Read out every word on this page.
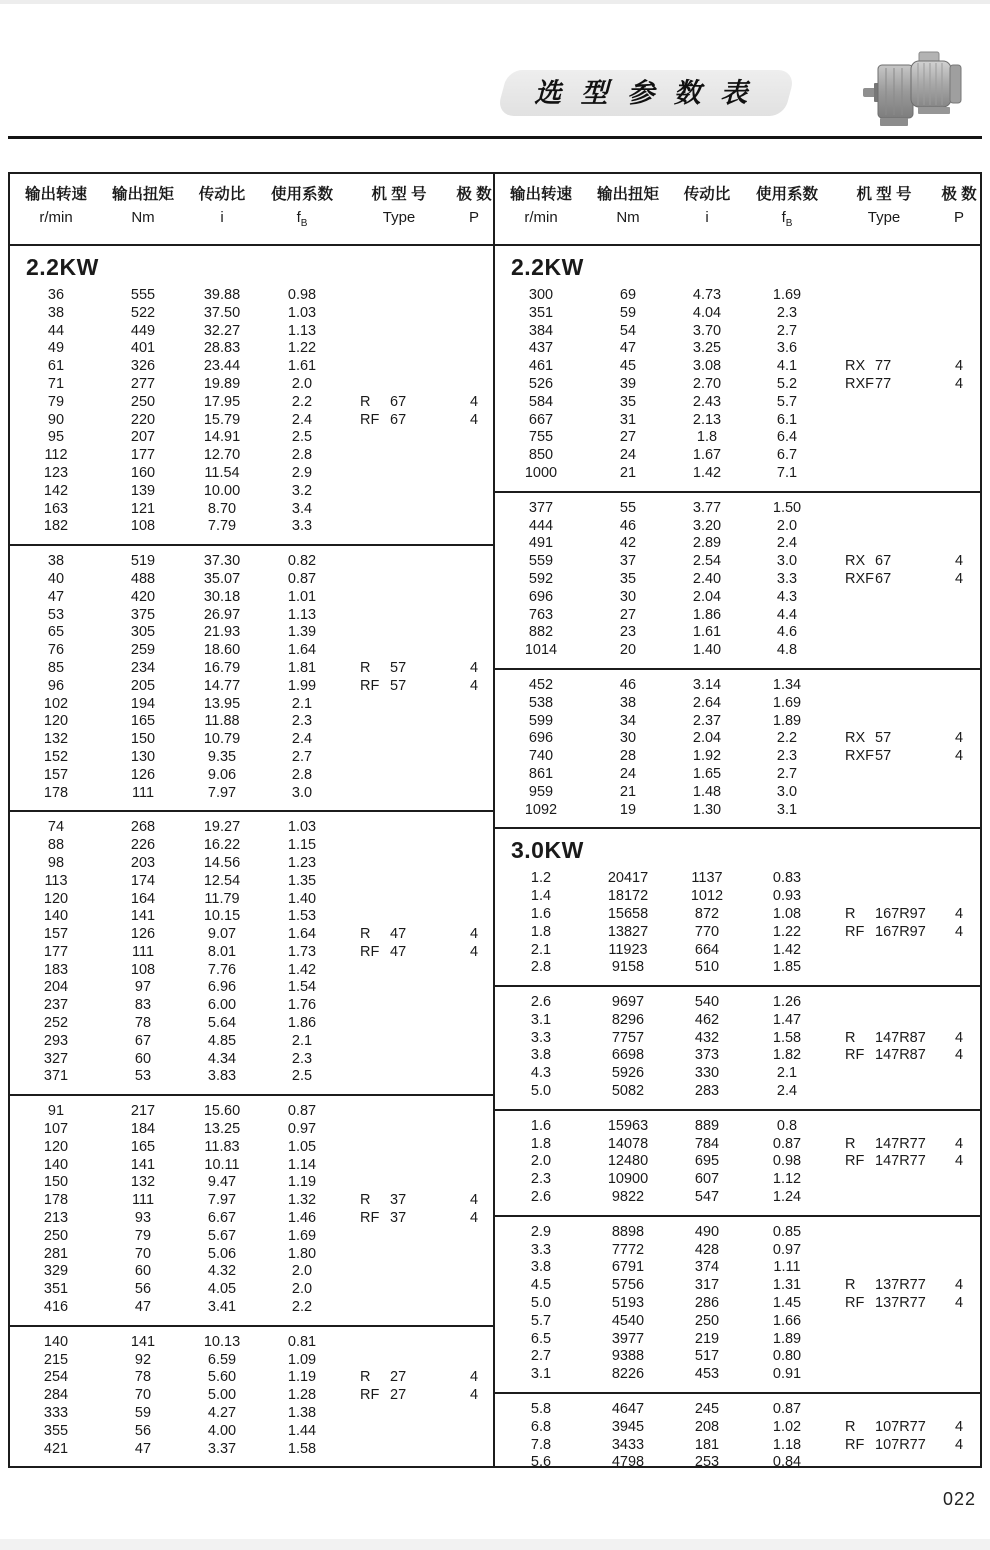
选 型 参 数 表
输出转速	输出扭矩	传动比	使用系数	机 型 号	极 数
r/min	Nm	i	$f_B$	Type	P
2.2KW
36	555	39.88	0.98
38	522	37.50	1.03
44	449	32.27	1.13
49	401	28.83	1.22
61	326	23.44	1.61
71	277	19.89	2.0
79	250	17.95	2.2	R 67	4
90	220	15.79	2.4	RF 67	4
95	207	14.91	2.5
112	177	12.70	2.8
123	160	11.54	2.9
142	139	10.00	3.2
163	121	8.70	3.4
182	108	7.79	3.3
38	519	37.30	0.82
40	488	35.07	0.87
47	420	30.18	1.01
53	375	26.97	1.13
65	305	21.93	1.39
76	259	18.60	1.64
85	234	16.79	1.81	R 57	4
96	205	14.77	1.99	RF 57	4
102	194	13.95	2.1
120	165	11.88	2.3
132	150	10.79	2.4
152	130	9.35	2.7
157	126	9.06	2.8
178	111	7.97	3.0
74	268	19.27	1.03
88	226	16.22	1.15
98	203	14.56	1.23
113	174	12.54	1.35
120	164	11.79	1.40
140	141	10.15	1.53
157	126	9.07	1.64	R 47	4
177	111	8.01	1.73	RF 47	4
183	108	7.76	1.42
204	97	6.96	1.54
237	83	6.00	1.76
252	78	5.64	1.86
293	67	4.85	2.1
327	60	4.34	2.3
371	53	3.83	2.5
91	217	15.60	0.87
107	184	13.25	0.97
120	165	11.83	1.05
140	141	10.11	1.14
150	132	9.47	1.19
178	111	7.97	1.32	R 37	4
213	93	6.67	1.46	RF 37	4
250	79	5.67	1.69
281	70	5.06	1.80
329	60	4.32	2.0
351	56	4.05	2.0
416	47	3.41	2.2
140	141	10.13	0.81
215	92	6.59	1.09
254	78	5.60	1.19	R 27	4
284	70	5.00	1.28	RF 27	4
333	59	4.27	1.38
355	56	4.00	1.44
421	47	3.37	1.58
输出转速	输出扭矩	传动比	使用系数	机 型 号	极 数
r/min	Nm	i	$f_B$	Type	P
2.2KW
300	69	4.73	1.69
351	59	4.04	2.3
384	54	3.70	2.7
437	47	3.25	3.6
461	45	3.08	4.1	RX 77	4
526	39	2.70	5.2	RXF77	4
584	35	2.43	5.7
667	31	2.13	6.1
755	27	1.8	6.4
850	24	1.67	6.7
1000	21	1.42	7.1
377	55	3.77	1.50
444	46	3.20	2.0
491	42	2.89	2.4
559	37	2.54	3.0	RX 67	4
592	35	2.40	3.3	RXF67	4
696	30	2.04	4.3
763	27	1.86	4.4
882	23	1.61	4.6
1014	20	1.40	4.8
452	46	3.14	1.34
538	38	2.64	1.69
599	34	2.37	1.89
696	30	2.04	2.2	RX 57	4
740	28	1.92	2.3	RXF57	4
861	24	1.65	2.7
959	21	1.48	3.0
1092	19	1.30	3.1
3.0KW
1.2	20417	1137	0.83
1.4	18172	1012	0.93
1.6	15658	872	1.08	R 167R97	4
1.8	13827	770	1.22	RF 167R97	4
2.1	11923	664	1.42
2.8	9158	510	1.85
2.6	9697	540	1.26
3.1	8296	462	1.47
3.3	7757	432	1.58	R 147R87	4
3.8	6698	373	1.82	RF 147R87	4
4.3	5926	330	2.1
5.0	5082	283	2.4
1.6	15963	889	0.8
1.8	14078	784	0.87	R 147R77	4
2.0	12480	695	0.98	RF 147R77	4
2.3	10900	607	1.12
2.6	9822	547	1.24
2.9	8898	490	0.85
3.3	7772	428	0.97
3.8	6791	374	1.11
4.5	5756	317	1.31	R 137R77	4
5.0	5193	286	1.45	RF 137R77	4
5.7	4540	250	1.66
6.5	3977	219	1.89
2.7	9388	517	0.80
3.1	8226	453	0.91
5.8	4647	245	0.87
6.8	3945	208	1.02	R 107R77	4
7.8	3433	181	1.18	RF 107R77	4
5.6	4798	253	0.84
022
